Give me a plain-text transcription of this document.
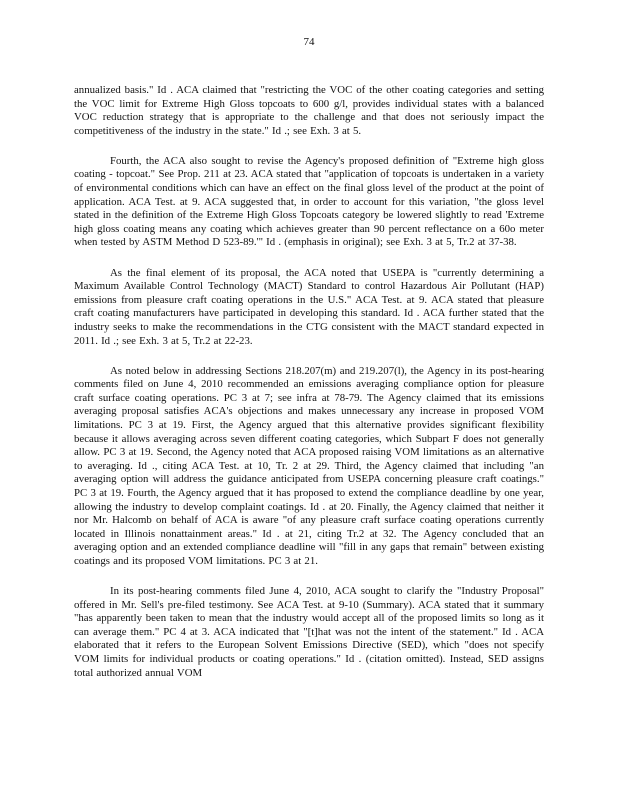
74

annualized basis." Id . ACA claimed that "restricting the VOC of the other coating categories and setting the VOC limit for Extreme High Gloss topcoats to 600 g/l, provides individual states with a balanced VOC reduction strategy that is appropriate to the challenge and that does not seriously impact the competitiveness of the industry in the state." Id .; see Exh. 3 at 5.

Fourth, the ACA also sought to revise the Agency's proposed definition of "Extreme high gloss coating - topcoat." See Prop. 211 at 23. ACA stated that "application of topcoats is undertaken in a variety of environmental conditions which can have an effect on the final gloss level of the product at the point of application. ACA Test. at 9. ACA suggested that, in order to account for this variation, "the gloss level stated in the definition of the Extreme High Gloss Topcoats category be lowered slightly to read 'Extreme high gloss coating means any coating which achieves greater than 90 percent reflectance on a 60o meter when tested by ASTM Method D 523-89.'" Id . (emphasis in original); see Exh. 3 at 5, Tr.2 at 37-38.

As the final element of its proposal, the ACA noted that USEPA is "currently determining a Maximum Available Control Technology (MACT) Standard to control Hazardous Air Pollutant (HAP) emissions from pleasure craft coating operations in the U.S." ACA Test. at 9. ACA stated that pleasure craft coating manufacturers have participated in developing this standard. Id . ACA further stated that the industry seeks to make the recommendations in the CTG consistent with the MACT standard expected in 2011. Id .; see Exh. 3 at 5, Tr.2 at 22-23.

As noted below in addressing Sections 218.207(m) and 219.207(l), the Agency in its post-hearing comments filed on June 4, 2010 recommended an emissions averaging compliance option for pleasure craft surface coating operations. PC 3 at 7; see infra at 78-79. The Agency claimed that its emissions averaging proposal satisfies ACA's objections and makes unnecessary any increase in proposed VOM limitations. PC 3 at 19. First, the Agency argued that this alternative provides significant flexibility because it allows averaging across seven different coating categories, which Subpart F does not generally allow. PC 3 at 19. Second, the Agency noted that ACA proposed raising VOM limitations as an alternative to averaging. Id ., citing ACA Test. at 10, Tr. 2 at 29. Third, the Agency claimed that including "an averaging option will address the guidance anticipated from USEPA concerning pleasure craft coatings." PC 3 at 19. Fourth, the Agency argued that it has proposed to extend the compliance deadline by one year, allowing the industry to develop complaint coatings. Id . at 20. Finally, the Agency claimed that neither it nor Mr. Halcomb on behalf of ACA is aware "of any pleasure craft surface coating operations currently located in Illinois nonattainment areas." Id . at 21, citing Tr.2 at 32. The Agency concluded that an averaging option and an extended compliance deadline will "fill in any gaps that remain" between existing coatings and its proposed VOM limitations. PC 3 at 21.

In its post-hearing comments filed June 4, 2010, ACA sought to clarify the "Industry Proposal" offered in Mr. Sell's pre-filed testimony. See ACA Test. at 9-10 (Summary). ACA stated that it summary "has apparently been taken to mean that the industry would accept all of the proposed limits so long as it can average them." PC 4 at 3. ACA indicated that "[t]hat was not the intent of the statement." Id . ACA elaborated that it refers to the European Solvent Emissions Directive (SED), which "does not specify VOM limits for individual products or coating operations." Id . (citation omitted). Instead, SED assigns total authorized annual VOM
